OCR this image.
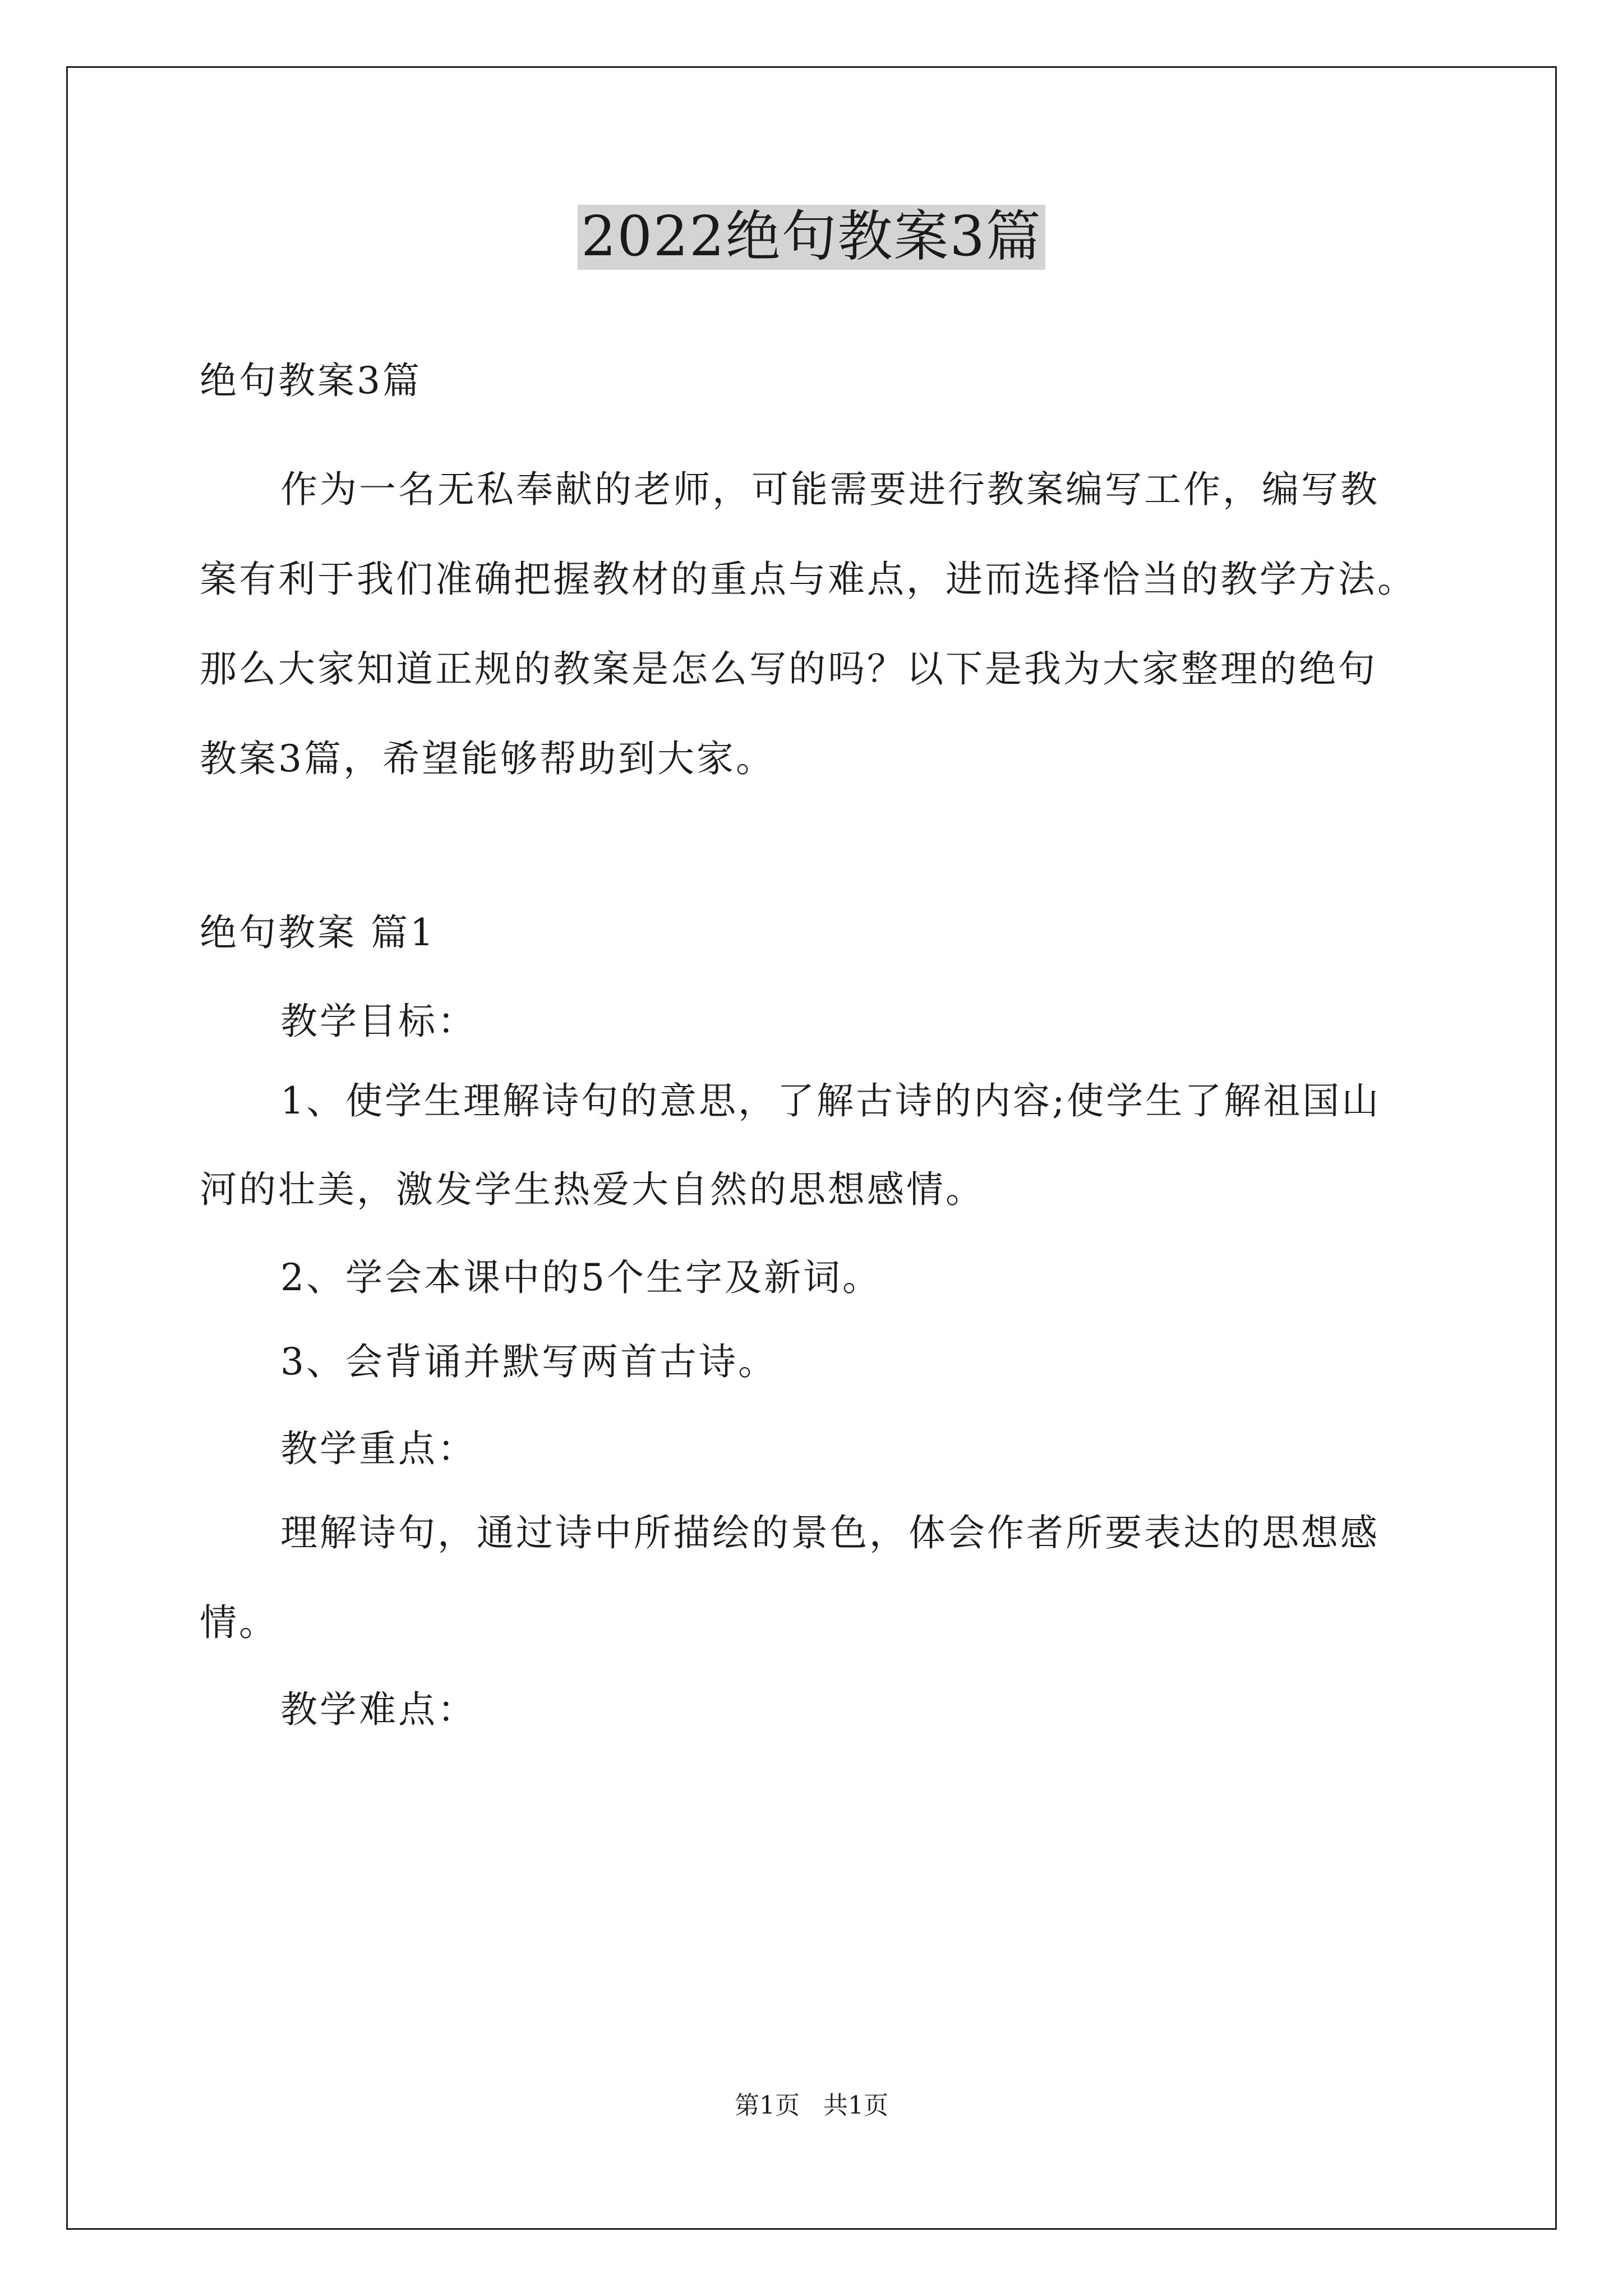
2022绝句教案3篇
绝句教案3篇
作为一名无私奉献的老师，可能需要进行教案编写工作，编写教
案有利于我们准确把握教材的重点与难点，进而选择恰当的教学方法。
那么大家知道正规的教案是怎么写的吗？以下是我为大家整理的绝句
教案3篇，希望能够帮助到大家。
绝句教案 篇1
教学目标：
1、使学生理解诗句的意思，了解古诗的内容;使学生了解祖国山
河的壮美，激发学生热爱大自然的思想感情。
2、学会本课中的5个生字及新词。
3、会背诵并默写两首古诗。
教学重点：
理解诗句，通过诗中所描绘的景色，体会作者所要表达的思想感
情。
教学难点：
第1页   共1页
